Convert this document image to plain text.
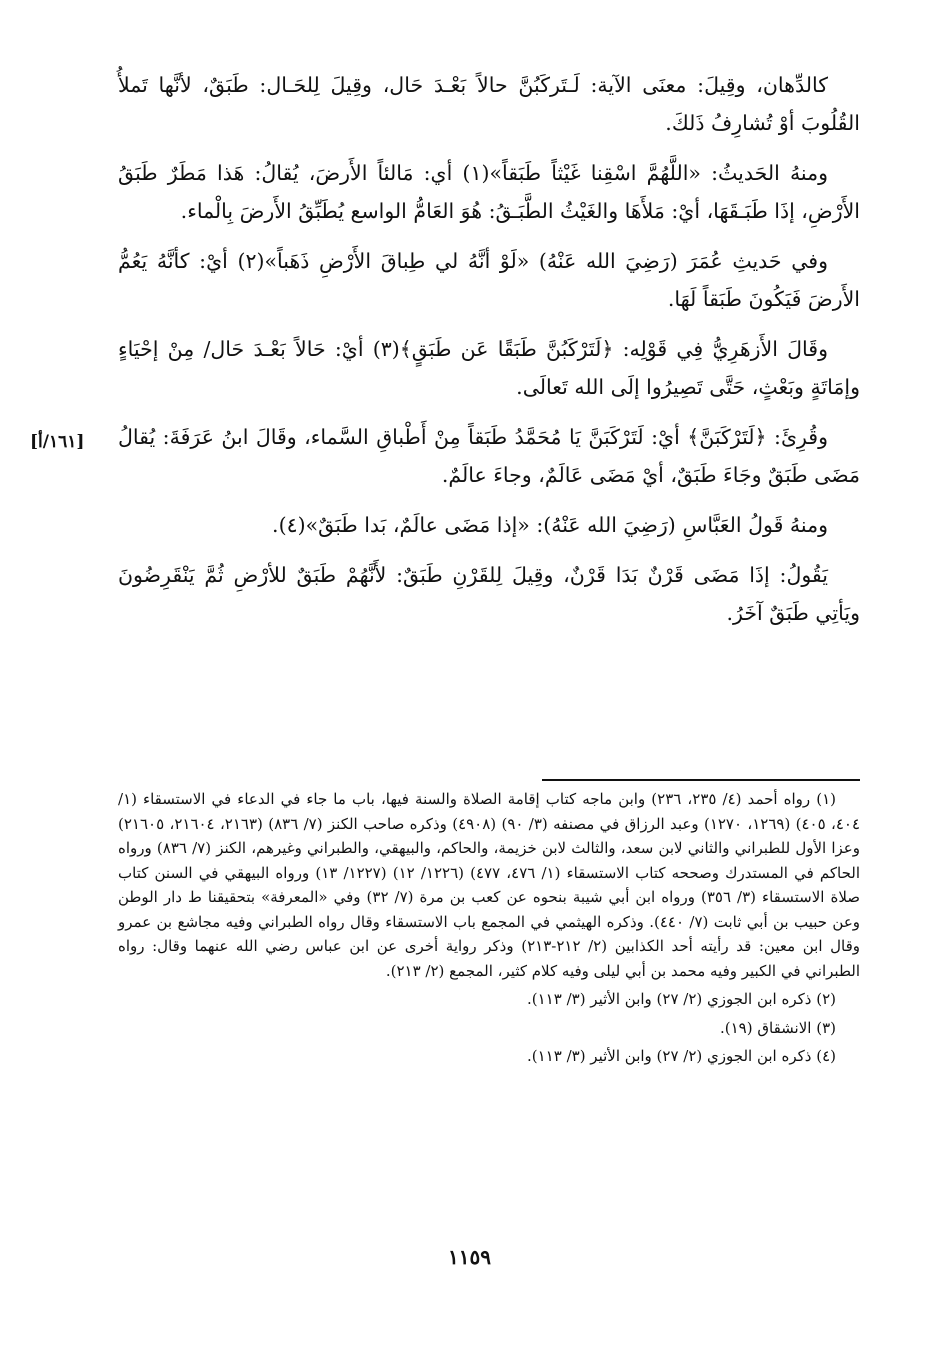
كالدِّهان، وقِيلَ: معنَى الآية: لَـتَركَبُنَّ حالاً بَعْـدَ حَال، وقِيلَ لِلحَـال: طَبَقٌ، لأنَّها تَملأُ القُلُوبَ أوْ تُشارِفُ ذَلكَ.

ومنهُ الحَديثُ: «اللَّهُمَّ اسْقِنا غَيْثاً طَبَقاً»(١) أي: مَالئاً الأَرضَ، يُقالُ: هَذا مَطَرٌ طَبَقُ الأَرْضِ، إذَا طَبَـقَهَا، أيْ: مَلأَهَا والغَيْثُ الطَّبَـقُ: هُوَ العَامُّ الواسع يُطَبِّقُ الأَرضَ بِالْماء.

وفي حَديثِ عُمَرَ (رَضِيَ الله عَنْهُ) «لَوْ أنَّهُ لي طِباقَ الأَرْضِ ذَهَباً»(٢) أيْ: كأنَّهُ يَعُمُّ الأَرضَ فَيَكُونَ طَبَقاً لَهَا.

وقَالَ الأَزهَرِيُّ فِي قَوْلِه: ﴿لَتَرْكَبُنَّ طَبَقًا عَن طَبَقٍ﴾(٣) أيْ: حَالاً بَعْـدَ حَال/ مِنْ إحْيَاءٍ وإمَاتَةٍ وبَعْثٍ، حَتَّى تَصِيرُوا إلَى الله تَعالَى.

وقُرِئَ: ﴿لَتَرْكَبَنَّ﴾ أيْ: لَتَرْكَبَنَّ يَا مُحَمَّدُ طَبَقاً مِنْ أَطْباقِ السَّماء، وقَالَ ابنُ عَرَفَةَ: يُقالُ مَضَى طَبَقٌ وجَاءَ طَبَقٌ، أيْ مَضَى عَالَمٌ، وجاءَ عالَمٌ.

ومنهُ قَولُ العَبَّاسِ (رَضِيَ الله عَنْهُ): «إذا مَضَى عالَمٌ، بَدا طَبَقٌ»(٤).

يَقُولُ: إذَا مَضَى قَرْنٌ بَدَا قَرْنٌ، وقِيلَ لِلقَرْنِ طَبَقٌ: لأَنَّهُمْ طَبَقٌ للأرْضِ ثُمَّ يَنْقَرِضُونَ ويَأتِي طَبَقٌ آخَرُ.

[١٦١/أ]

(١) رواه أحمد (٤/ ٢٣٥، ٢٣٦) وابن ماجه كتاب إقامة الصلاة والسنة فيها، باب ما جاء في الدعاء في الاستسقاء (١/ ٤٠٤، ٤٠٥) (١٢٦٩، ١٢٧٠) وعبد الرزاق في مصنفه (٣/ ٩٠) (٤٩٠٨) وذكره صاحب الكنز (٧/ ٨٣٦) (٢١٦٣، ٢١٦٠٤، ٢١٦٠٥) وعزا الأول للطبراني والثاني لابن سعد، والثالث لابن خزيمة، والحاكم، والبيهقي، والطبراني وغيرهم، الكنز (٧/ ٨٣٦) ورواه الحاكم في المستدرك وصححه كتاب الاستسقاء (١/ ٤٧٦، ٤٧٧) (١٢٢٦/ ١٢) (١٢٢٧/ ١٣) ورواه البيهقي في السنن كتاب صلاة الاستسقاء (٣/ ٣٥٦) ورواه ابن أبي شيبة بنحوه عن كعب بن مرة (٧/ ٣٢) وفي «المعرفة» بتحقيقنا ط دار الوطن وعن حبيب بن أبي ثابت (٧/ ٤٤٠). وذكره الهيثمي في المجمع باب الاستسقاء وقال رواه الطبراني وفيه مجاشع بن عمرو وقال ابن معين: قد رأيته أحد الكذابين (٢/ ٢١٢-٢١٣) وذكر رواية أخرى عن ابن عباس رضي الله عنهما وقال: رواه الطبراني في الكبير وفيه محمد بن أبي ليلى وفيه كلام كثير، المجمع (٢/ ٢١٣).

(٢) ذكره ابن الجوزي (٢/ ٢٧) وابن الأثير (٣/ ١١٣).

(٣) الانشقاق (١٩).

(٤) ذكره ابن الجوزي (٢/ ٢٧) وابن الأثير (٣/ ١١٣).

١١٥٩
